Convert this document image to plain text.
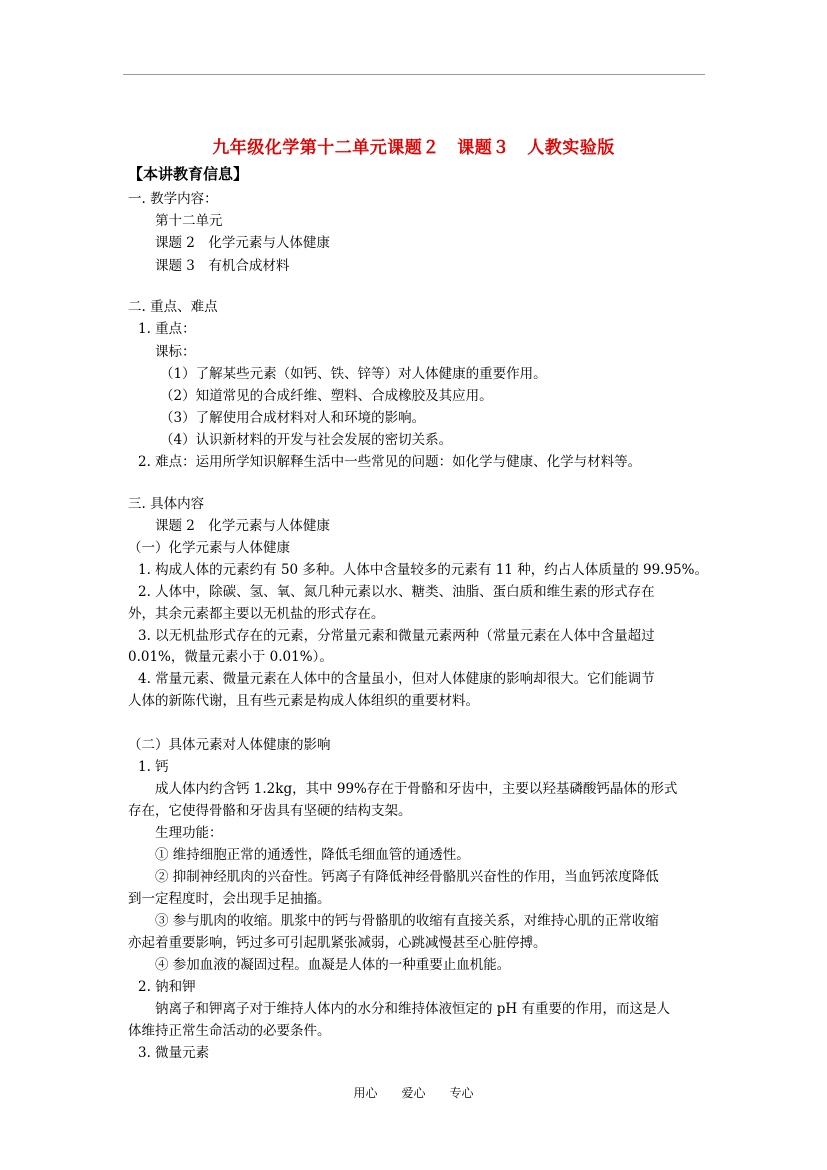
九年级化学第十二单元课题２　课题３　人教实验版
【本讲教育信息】
一. 教学内容：
第十二单元
课题 2　化学元素与人体健康
课题 3　有机合成材料
二. 重点、难点
1. 重点：
课标：
（1）了解某些元素（如钙、铁、锌等）对人体健康的重要作用。
（2）知道常见的合成纤维、塑料、合成橡胶及其应用。
（3）了解使用合成材料对人和环境的影响。
（4）认识新材料的开发与社会发展的密切关系。
2. 难点：运用所学知识解释生活中一些常见的问题：如化学与健康、化学与材料等。
三. 具体内容
课题 2　化学元素与人体健康
（一）化学元素与人体健康
1. 构成人体的元素约有 50 多种。人体中含量较多的元素有 11 种，约占人体质量的 99.95%。
2. 人体中，除碳、氢、氧、氮几种元素以水、糖类、油脂、蛋白质和维生素的形式存在
外，其余元素都主要以无机盐的形式存在。
3. 以无机盐形式存在的元素，分常量元素和微量元素两种（常量元素在人体中含量超过
0.01%，微量元素小于 0.01%）。
4. 常量元素、微量元素在人体中的含量虽小，但对人体健康的影响却很大。它们能调节
人体的新陈代谢，且有些元素是构成人体组织的重要材料。
（二）具体元素对人体健康的影响
1. 钙
成人体内约含钙 1.2kg，其中 99%存在于骨骼和牙齿中，主要以羟基磷酸钙晶体的形式
存在，它使得骨骼和牙齿具有坚硬的结构支架。
生理功能：
① 维持细胞正常的通透性，降低毛细血管的通透性。
② 抑制神经肌肉的兴奋性。钙离子有降低神经骨骼肌兴奋性的作用，当血钙浓度降低
到一定程度时，会出现手足抽搐。
③ 参与肌肉的收缩。肌浆中的钙与骨骼肌的收缩有直接关系，对维持心肌的正常收缩
亦起着重要影响，钙过多可引起肌紧张减弱，心跳减慢甚至心脏停搏。
④ 参加血液的凝固过程。血凝是人体的一种重要止血机能。
2. 钠和钾
钠离子和钾离子对于维持人体内的水分和维持体液恒定的 pH 有重要的作用，而这是人
体维持正常生命活动的必要条件。
3. 微量元素
用心　　爱心　　专心
